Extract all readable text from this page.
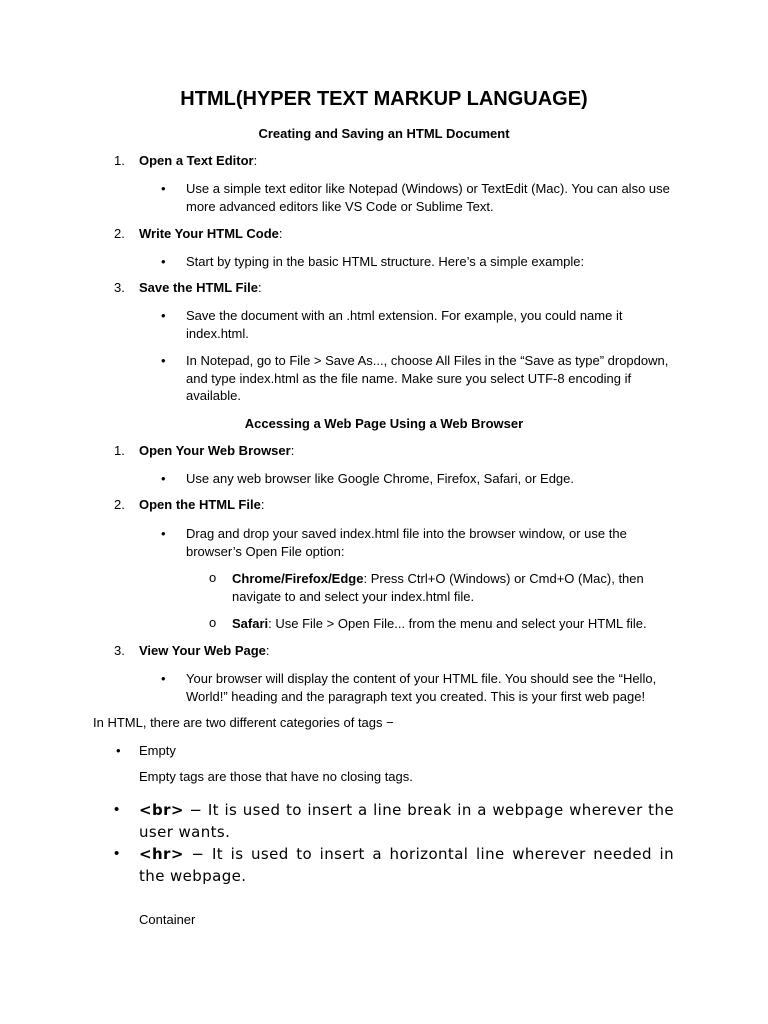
HTML(HYPER TEXT MARKUP LANGUAGE)
Creating and Saving an HTML Document
1. Open a Text Editor:
• Use a simple text editor like Notepad (Windows) or TextEdit (Mac). You can also use more advanced editors like VS Code or Sublime Text.
2. Write Your HTML Code:
• Start by typing in the basic HTML structure. Here’s a simple example:
3. Save the HTML File:
• Save the document with an .html extension. For example, you could name it index.html.
• In Notepad, go to File > Save As..., choose All Files in the “Save as type” dropdown, and type index.html as the file name. Make sure you select UTF-8 encoding if available.
Accessing a Web Page Using a Web Browser
1. Open Your Web Browser:
• Use any web browser like Google Chrome, Firefox, Safari, or Edge.
2. Open the HTML File:
• Drag and drop your saved index.html file into the browser window, or use the browser’s Open File option:
o Chrome/Firefox/Edge: Press Ctrl+O (Windows) or Cmd+O (Mac), then navigate to and select your index.html file.
o Safari: Use File > Open File... from the menu and select your HTML file.
3. View Your Web Page:
• Your browser will display the content of your HTML file. You should see the “Hello, World!” heading and the paragraph text you created. This is your first web page!
In HTML, there are two different categories of tags −
• Empty
Empty tags are those that have no closing tags.
• <br> − It is used to insert a line break in a webpage wherever the user wants.
• <hr> − It is used to insert a horizontal line wherever needed in the webpage.
Container
